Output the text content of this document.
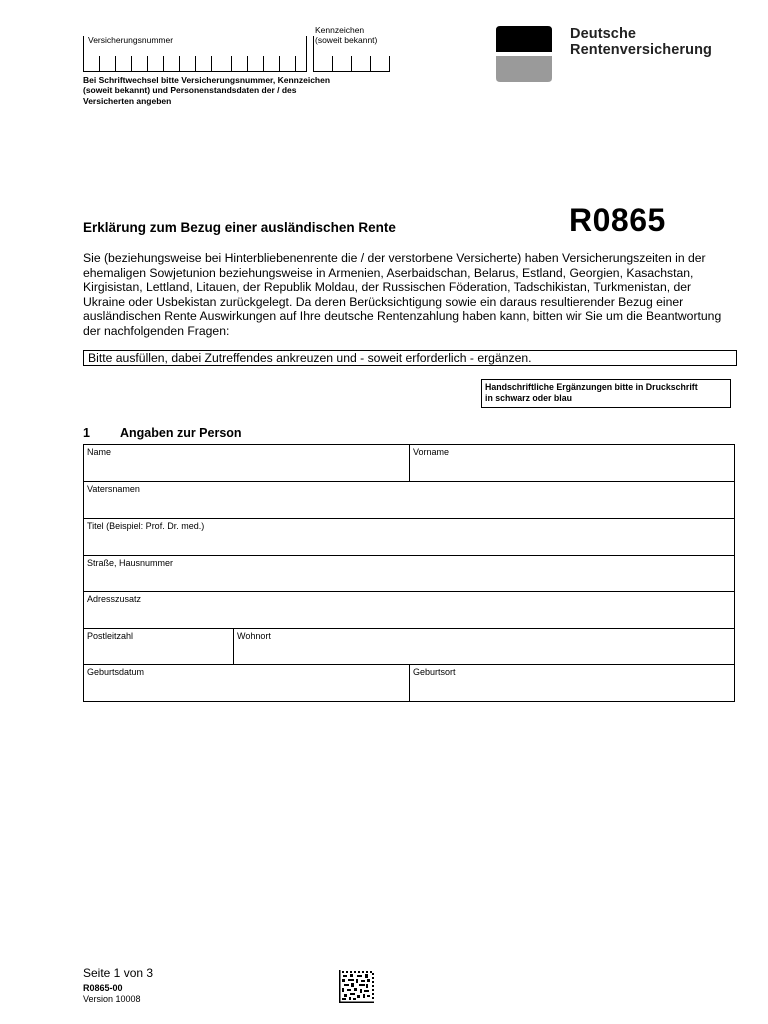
Versicherungsnummer
Kennzeichen
(soweit bekannt)
Bei Schriftwechsel bitte Versicherungsnummer, Kennzeichen
(soweit bekannt) und Personenstandsdaten der / des
Versicherten angeben
Deutsche
Rentenversicherung
Erklärung zum Bezug einer ausländischen Rente	R0865
Sie (beziehungsweise bei Hinterbliebenenrente die / der verstorbene Versicherte) haben Versicherungszeiten in der ehemaligen Sowjetunion beziehungsweise in Armenien, Aserbaidschan, Belarus, Estland, Georgien, Kasachstan, Kirgisistan, Lettland, Litauen, der Republik Moldau, der Russischen Föderation, Tadschikistan, Turkmenistan, der Ukraine oder Usbekistan zurückgelegt. Da deren Berücksichtigung sowie ein daraus resultierender Bezug einer ausländischen Rente Auswirkungen auf Ihre deutsche Rentenzahlung haben kann, bitten wir Sie um die Beantwortung der nachfolgenden Fragen:
Bitte ausfüllen, dabei Zutreffendes ankreuzen und - soweit erforderlich - ergänzen.
Handschriftliche Ergänzungen bitte in Druckschrift
in schwarz oder blau
1 Angaben zur Person
Name	Vorname
Vatersnamen
Titel (Beispiel: Prof. Dr. med.)
Straße, Hausnummer
Adresszusatz
Postleitzahl	Wohnort
Geburtsdatum	Geburtsort
Seite 1 von 3
R0865-00
Version 10008
